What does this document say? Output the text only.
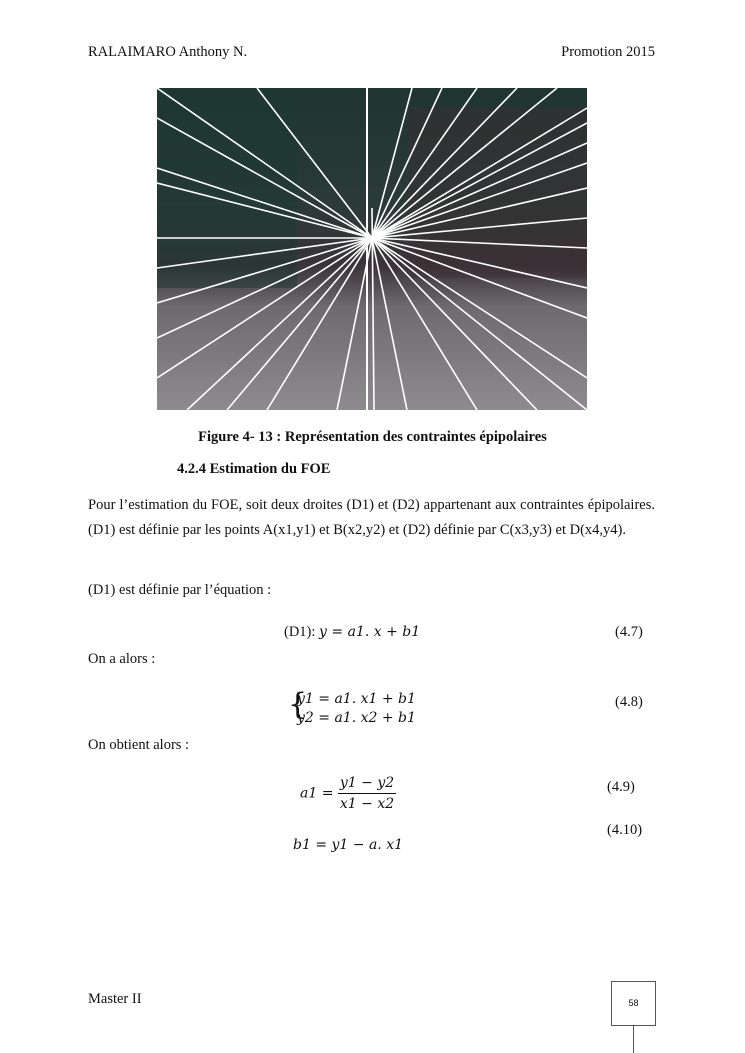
RALAIMARO Anthony N.	Promotion 2015
Figure 4- 13 : Représentation des contraintes épipolaires
4.2.4 Estimation du FOE
Pour l’estimation du FOE, soit deux droites (D1) et (D2) appartenant aux contraintes épipolaires. (D1) est définie par les points A(x1,y1) et B(x2,y2) et (D2) définie par C(x3,y3) et D(x4,y4).
(D1) est définie par l’équation :
(D1): y = a1. x + b1	(4.7)
On a alors :
{
y1 = a1. x1 + b1
y2 = a1. x2 + b1
(4.8)
On obtient alors :
$a1 = \frac{y1 - y2}{x1 - x2}$	(4.9)
(4.10)
b1 = y1 − a. x1
Master II	58
